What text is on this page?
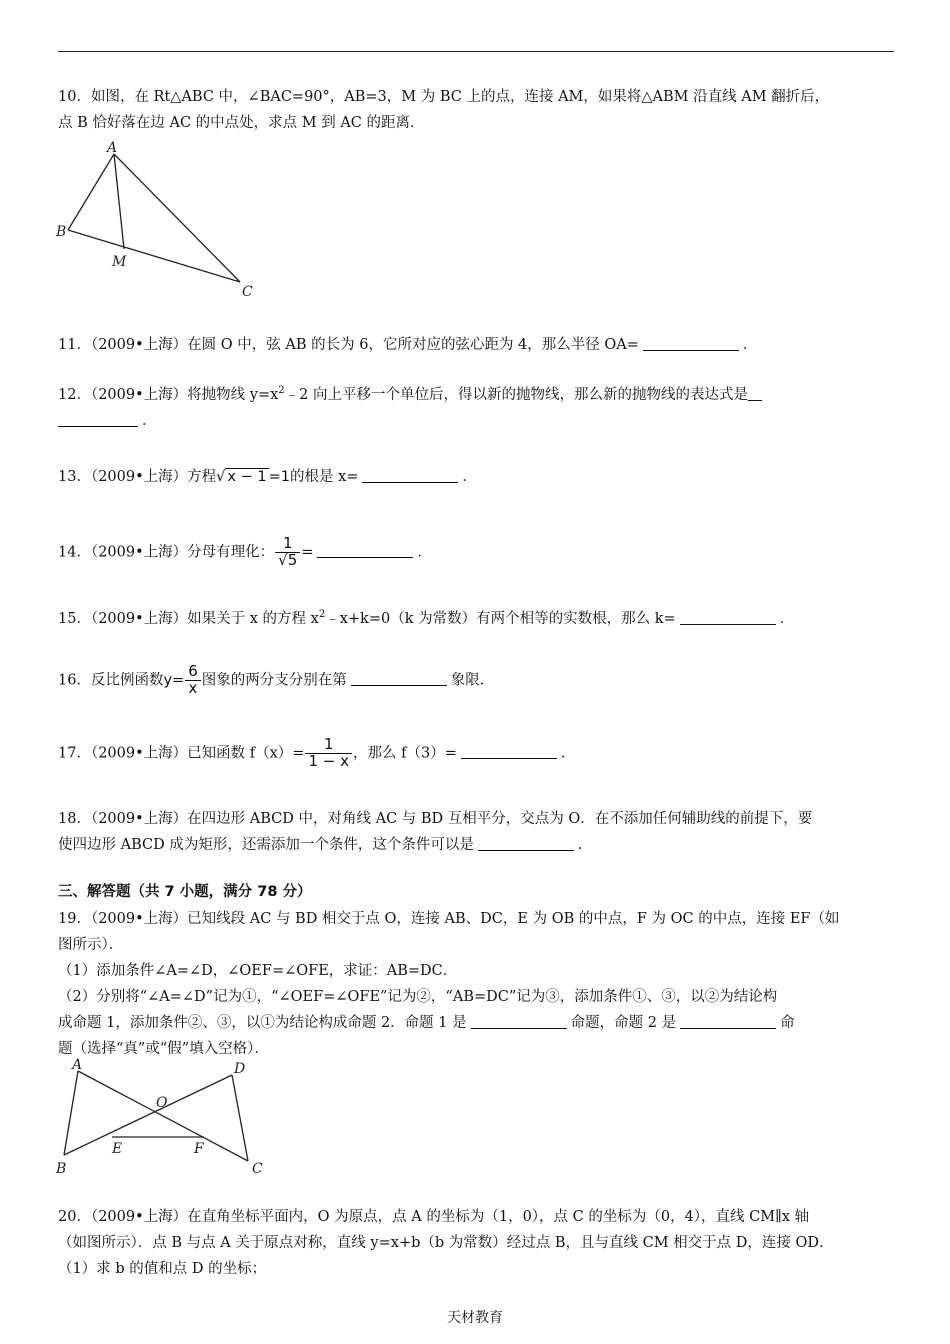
10．如图，在 Rt△ABC 中，∠BAC=90°，AB=3，M 为 BC 上的点，连接 AM，如果将△ABM 沿直线 AM 翻折后，

点 B 恰好落在边 AC 的中点处，求点 M 到 AC 的距离．

A
B
M
C

11．（2009•上海）在圆 O 中，弦 AB 的长为 6，它所对应的弦心距为 4，那么半径 OA=	．

12．（2009•上海）将抛物线 $y=x^2﹣2$ 向上平移一个单位后，得以新的抛物线，那么新的抛物线的表达式是
．

13．（2009•上海）方程√ x − 1 =1的根是 x=	．

14．（2009•上海）分母有理化： $\frac{1}{√5}$ =	．

15．（2009•上海）如果关于 x 的方程 $x^2﹣x+k=0(k$ 为常数）有两个相等的实数根，那么 k=	．

16．反比例函数$y= \frac{6}{x}$ 图象的两分支分别在第	象限．

17．（2009•上海）已知函数 $f(x)= \frac{1}{1 - x}$ ，那么 f（3）=	．

18．（2009•上海）在四边形 ABCD 中，对角线 AC 与 BD 互相平分，交点为 O．在不添加任何辅助线的前提下，要

使四边形 ABCD 成为矩形，还需添加一个条件，这个条件可以是	．

三、解答题（共 7 小题，满分 78 分）

19．（2009•上海）已知线段 AC 与 BD 相交于点 O，连接 AB、DC，E 为 OB 的中点，F 为 OC 的中点，连接 EF（如

图所示）．

（1）添加条件∠A=∠D，∠OEF=∠OFE，求证：AB=DC．

（2）分别将“∠A=∠D”记为①，“∠OEF=∠OFE”记为②，“AB=DC”记为③，添加条件①、③，以②为结论构

成命题 1，添加条件②、③，以①为结论构成命题 2．命题 1 是	命题，命题 2 是	命

题（选择“真”或“假”填入空格）．

A	D
O
E	F
B	C

20．（2009•上海）在直角坐标平面内，O 为原点，点 A 的坐标为（1，0），点 C 的坐标为（0，4），直线 CM∥x 轴

（如图所示）．点 B 与点 A 关于原点对称，直线 y=x+b（b 为常数）经过点 B，且与直线 CM 相交于点 D，连接 OD．

（1）求 b 的值和点 D 的坐标；

天材教育
